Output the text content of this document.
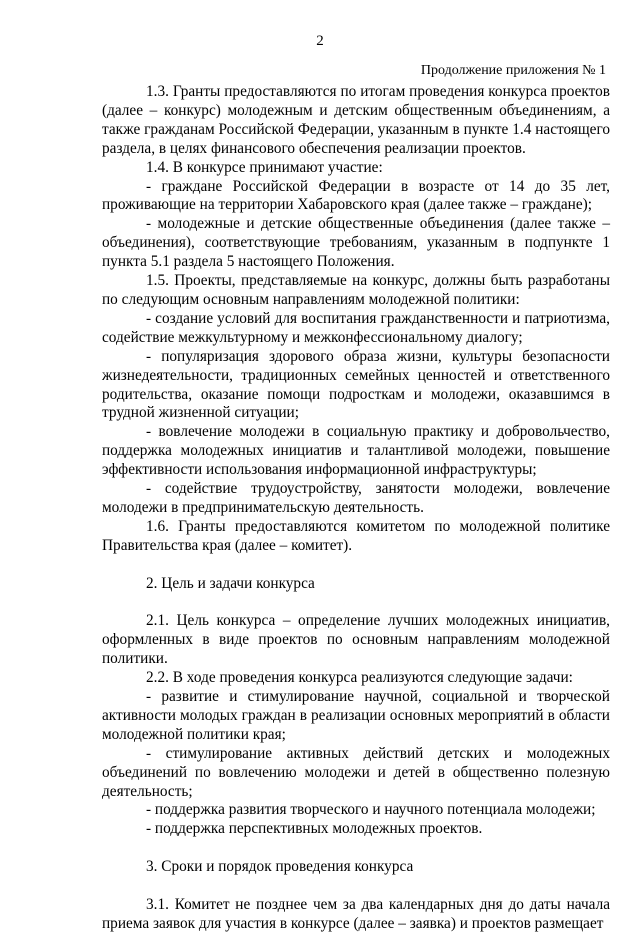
2
Продолжение приложения № 1

1.3. Гранты предоставляются по итогам проведения конкурса проектов (далее – конкурс) молодежным и детским общественным объединениям, а также гражданам Российской Федерации, указанным в пункте 1.4 настоящего раздела, в целях финансового обеспечения реализации проектов.

1.4. В конкурсе принимают участие:

- граждане Российской Федерации в возрасте от 14 до 35 лет, проживающие на территории Хабаровского края (далее также – граждане);

- молодежные и детские общественные объединения (далее также – объединения), соответствующие требованиям, указанным в подпункте 1 пункта 5.1 раздела 5 настоящего Положения.

1.5. Проекты, представляемые на конкурс, должны быть разработаны по следующим основным направлениям молодежной политики:

- создание условий для воспитания гражданственности и патриотизма, содействие межкультурному и межконфессиональному диалогу;

- популяризация здорового образа жизни, культуры безопасности жизнедеятельности, традиционных семейных ценностей и ответственного родительства, оказание помощи подросткам и молодежи, оказавшимся в трудной жизненной ситуации;

- вовлечение молодежи в социальную практику и добровольчество, поддержка молодежных инициатив и талантливой молодежи, повышение эффективности использования информационной инфраструктуры;

- содействие трудоустройству, занятости молодежи, вовлечение молодежи в предпринимательскую деятельность.

1.6. Гранты предоставляются комитетом по молодежной политике Правительства края (далее – комитет).

2. Цель и задачи конкурса

2.1. Цель конкурса – определение лучших молодежных инициатив, оформленных в виде проектов по основным направлениям молодежной политики.

2.2. В ходе проведения конкурса реализуются следующие задачи:

- развитие и стимулирование научной, социальной и творческой активности молодых граждан в реализации основных мероприятий в области молодежной политики края;

- стимулирование активных действий детских и молодежных объединений по вовлечению молодежи и детей в общественно полезную деятельность;

- поддержка развития творческого и научного потенциала молодежи;

- поддержка перспективных молодежных проектов.

3. Сроки и порядок проведения конкурса

3.1. Комитет не позднее чем за два календарных дня до даты начала приема заявок для участия в конкурсе (далее – заявка) и проектов размещает
